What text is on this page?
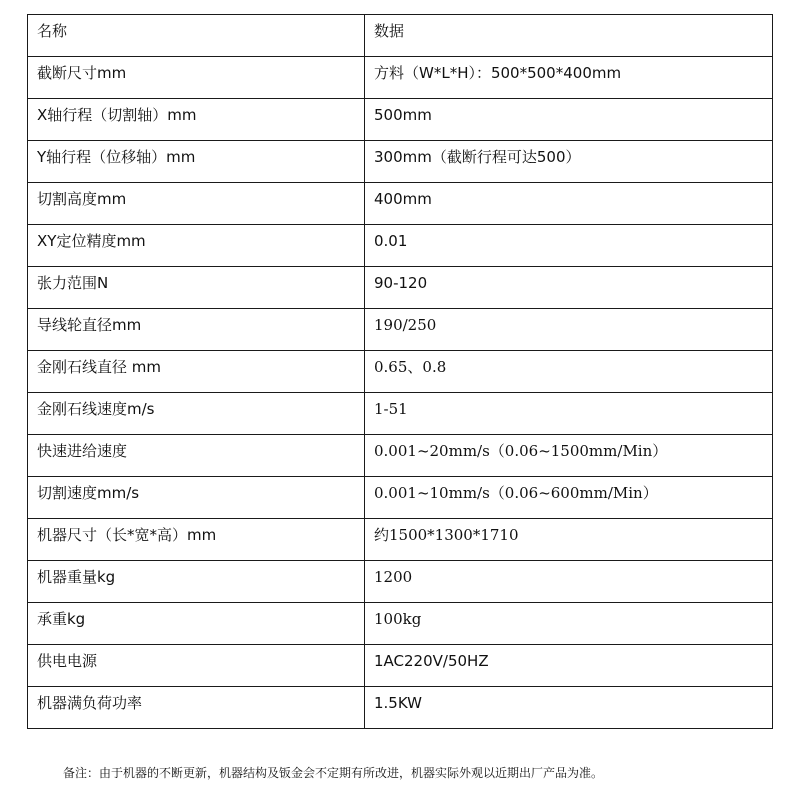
名称	数据
截断尺寸mm	方料（W*L*H）：500*500*400mm
X轴行程（切割轴）mm	500mm
Y轴行程（位移轴）mm	300mm（截断行程可达500）
切割高度mm	400mm
XY定位精度mm	0.01
张力范围N	90-120
导线轮直径mm	190/250
金刚石线直径 mm	0.65、0.8
金刚石线速度m/s	1-51
快速进给速度	0.001~20mm/s（0.06~1500mm/Min）
切割速度mm/s	0.001~10mm/s（0.06~600mm/Min）
机器尺寸（长*宽*高）mm	约1500*1300*1710
机器重量kg	1200
承重kg	100kg
供电电源	1AC220V/50HZ
机器满负荷功率	1.5KW
备注：由于机器的不断更新，机器结构及钣金会不定期有所改进，机器实际外观以近期出厂产品为准。
